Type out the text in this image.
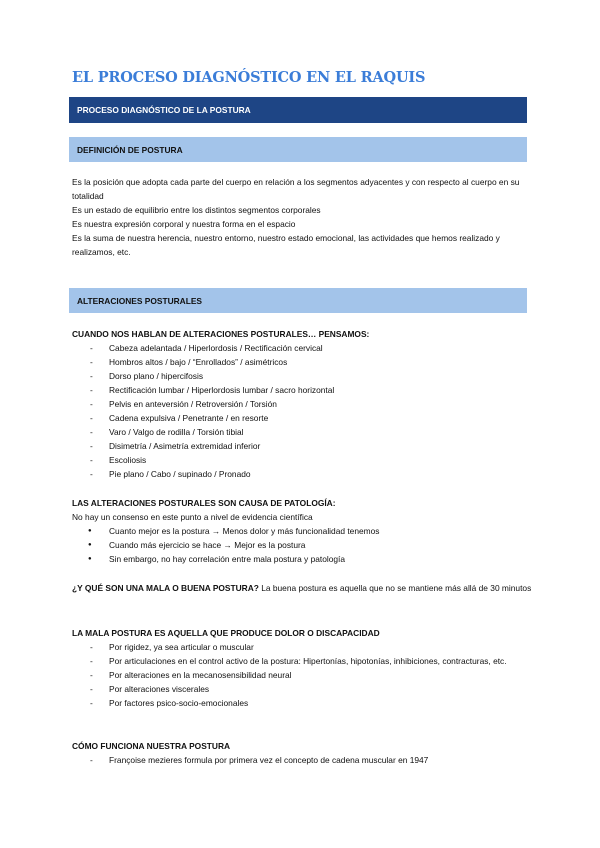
EL PROCESO DIAGNÓSTICO EN EL RAQUIS
PROCESO DIAGNÓSTICO DE LA POSTURA
DEFINICIÓN DE POSTURA

Es la posición que adopta cada parte del cuerpo en relación a los segmentos adyacentes y con respecto al cuerpo en su totalidad

Es un estado de equilibrio entre los distintos segmentos corporales

Es nuestra expresión corporal y nuestra forma en el espacio

Es la suma de nuestra herencia, nuestro entorno, nuestro estado emocional, las actividades que hemos realizado y realizamos, etc.

ALTERACIONES POSTURALES
CUANDO NOS HABLAN DE ALTERACIONES POSTURALES… PENSAMOS:
- Cabeza adelantada / Hiperlordosis / Rectificación cervical
- Hombros altos / bajo / “Enrollados” / asimétricos
- Dorso plano / hipercifosis
- Rectificación lumbar / Hiperlordosis lumbar / sacro horizontal
- Pelvis en anteversión / Retroversión / Torsión
- Cadena expulsiva / Penetrante / en resorte
- Varo / Valgo de rodilla / Torsión tibial
- Disimetría / Asimetría extremidad inferior
- Escoliosis
- Pie plano / Cabo / supinado / Pronado
LAS ALTERACIONES POSTURALES SON CAUSA DE PATOLOGÍA:
No hay un consenso en este punto a nivel de evidencia científica
● Cuanto mejor es la postura → Menos dolor y más funcionalidad tenemos
● Cuando más ejercicio se hace → Mejor es la postura
● Sin embargo, no hay correlación entre mala postura y patología
¿Y QUÉ SON UNA MALA O BUENA POSTURA? La buena postura es aquella que no se mantiene más allá de 30 minutos
LA MALA POSTURA ES AQUELLA QUE PRODUCE DOLOR O DISCAPACIDAD
- Por rigidez, ya sea articular o muscular
- Por articulaciones en el control activo de la postura: Hipertonías, hipotonías, inhibiciones, contracturas, etc.
- Por alteraciones en la mecanosensibilidad neural
- Por alteraciones viscerales
- Por factores psico-socio-emocionales
CÓMO FUNCIONA NUESTRA POSTURA
- Françoise mezieres formula por primera vez el concepto de cadena muscular en 1947
